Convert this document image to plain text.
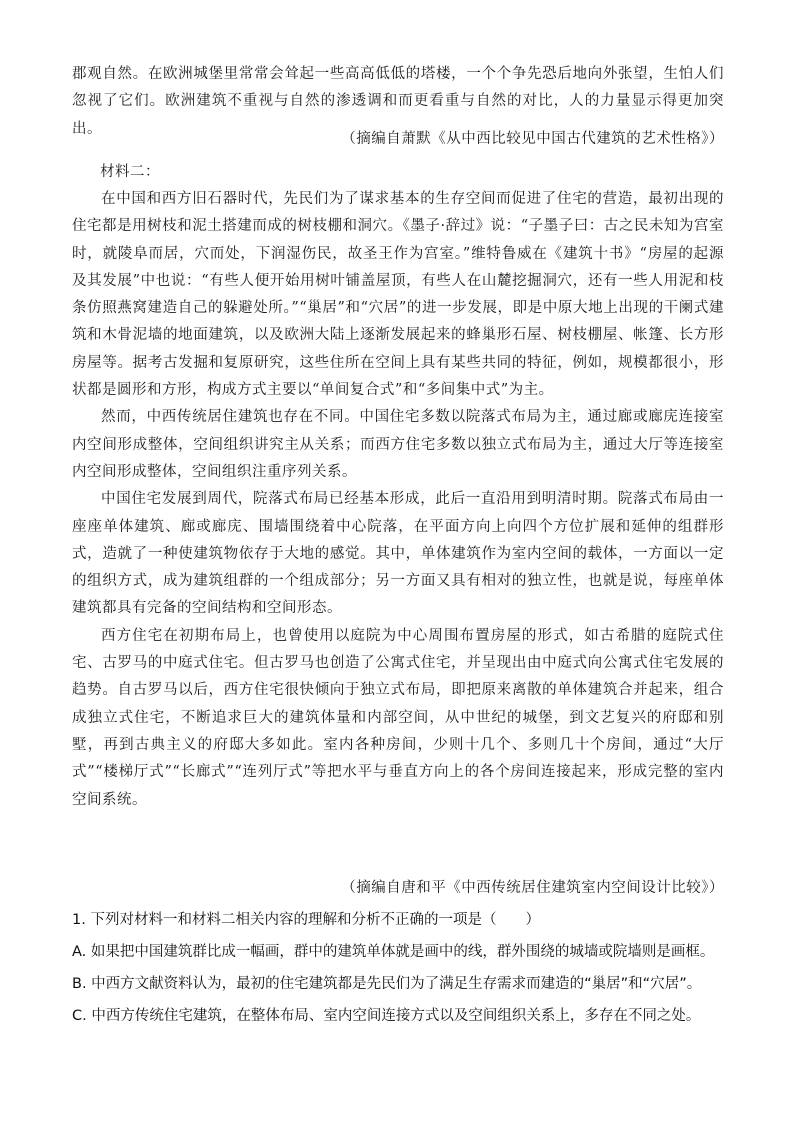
郡观自然。在欧洲城堡里常常会耸起一些高高低低的塔楼，一个个争先恐后地向外张望，生怕人们忽视了它们。欧洲建筑不重视与自然的渗透调和而更看重与自然的对比，人的力量显示得更加突出。

（摘编自萧默《从中西比较见中国古代建筑的艺术性格》）
材料二：

在中国和西方旧石器时代，先民们为了谋求基本的生存空间而促进了住宅的营造，最初出现的住宅都是用树枝和泥土搭建而成的树枝棚和洞穴。《墨子·辞过》说：“子墨子曰：古之民未知为宫室时，就陵阜而居，穴而处，下润湿伤民，故圣王作为宫室。”维特鲁威在《建筑十书》“房屋的起源及其发展”中也说：“有些人便开始用树叶铺盖屋顶，有些人在山麓挖掘洞穴，还有一些人用泥和枝条仿照燕窝建造自己的躲避处所。”“巢居”和“穴居”的进一步发展，即是中原大地上出现的干阑式建筑和木骨泥墙的地面建筑，以及欧洲大陆上逐渐发展起来的蜂巢形石屋、树枝棚屋、帐篷、长方形房屋等。据考古发掘和复原研究，这些住所在空间上具有某些共同的特征，例如，规模都很小，形状都是圆形和方形，构成方式主要以“单间复合式”和“多间集中式”为主。

然而，中西传统居住建筑也存在不同。中国住宅多数以院落式布局为主，通过廊或廊庑连接室内空间形成整体，空间组织讲究主从关系；而西方住宅多数以独立式布局为主，通过大厅等连接室内空间形成整体，空间组织注重序列关系。

中国住宅发展到周代，院落式布局已经基本形成，此后一直沿用到明清时期。院落式布局由一座座单体建筑、廊或廊庑、围墙围绕着中心院落，在平面方向上向四个方位扩展和延伸的组群形式，造就了一种使建筑物依存于大地的感觉。其中，单体建筑作为室内空间的载体，一方面以一定的组织方式，成为建筑组群的一个组成部分；另一方面又具有相对的独立性，也就是说，每座单体建筑都具有完备的空间结构和空间形态。

西方住宅在初期布局上，也曾使用以庭院为中心周围布置房屋的形式，如古希腊的庭院式住宅、古罗马的中庭式住宅。但古罗马也创造了公寓式住宅，并呈现出由中庭式向公寓式住宅发展的趋势。自古罗马以后，西方住宅很快倾向于独立式布局，即把原来离散的单体建筑合并起来，组合成独立式住宅，不断追求巨大的建筑体量和内部空间，从中世纪的城堡，到文艺复兴的府邸和别墅，再到古典主义的府邸大多如此。室内各种房间，少则十几个、多则几十个房间，通过“大厅式”“楼梯厅式”“长廊式”“连列厅式”等把水平与垂直方向上的各个房间连接起来，形成完整的室内空间系统。

（摘编自唐和平《中西传统居住建筑室内空间设计比较》）
1. 下列对材料一和材料二相关内容的理解和分析不正确的一项是（　　）
A. 如果把中国建筑群比成一幅画，群中的建筑单体就是画中的线，群外围绕的城墙或院墙则是画框。
B. 中西方文献资料认为，最初的住宅建筑都是先民们为了满足生存需求而建造的“巢居”和“穴居”。
C. 中西方传统住宅建筑，在整体布局、室内空间连接方式以及空间组织关系上，多存在不同之处。
